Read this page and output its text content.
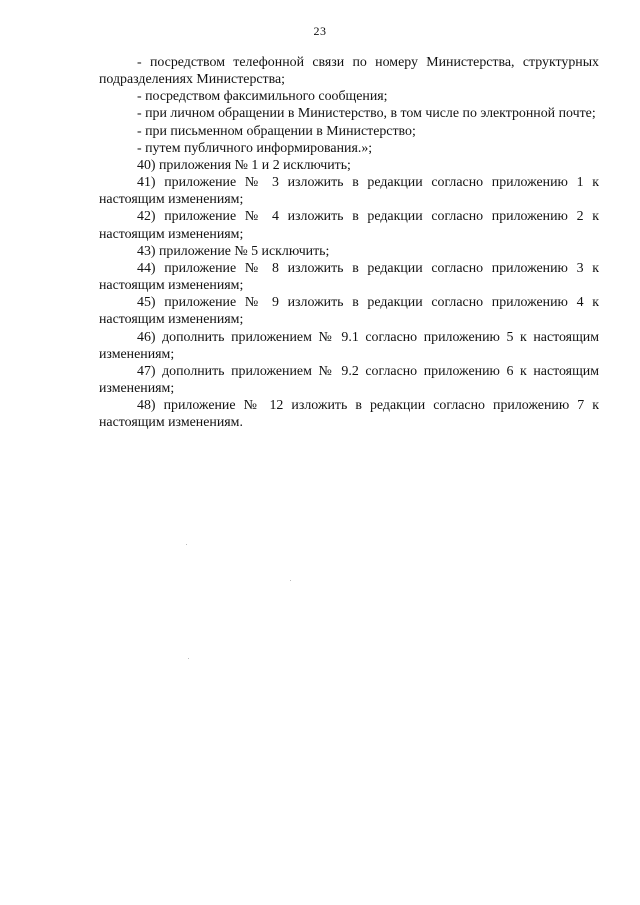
23

- посредством телефонной связи по номеру Министерства, структурных подразделениях Министерства;

- посредством факсимильного сообщения;

- при личном обращении в Министерство, в том числе по электронной почте;

- при письменном обращении в Министерство;

- путем публичного информирования.»;

40) приложения № 1 и 2 исключить;

41) приложение № 3 изложить в редакции согласно приложению 1 к настоящим изменениям;

42) приложение № 4 изложить в редакции согласно приложению 2 к настоящим изменениям;

43) приложение № 5 исключить;

44) приложение № 8 изложить в редакции согласно приложению 3 к настоящим изменениям;

45) приложение № 9 изложить в редакции согласно приложению 4 к настоящим изменениям;

46) дополнить приложением № 9.1 согласно приложению 5 к настоящим изменениям;

47) дополнить приложением № 9.2 согласно приложению 6 к настоящим изменениям;

48) приложение № 12 изложить в редакции согласно приложению 7 к настоящим изменениям.
